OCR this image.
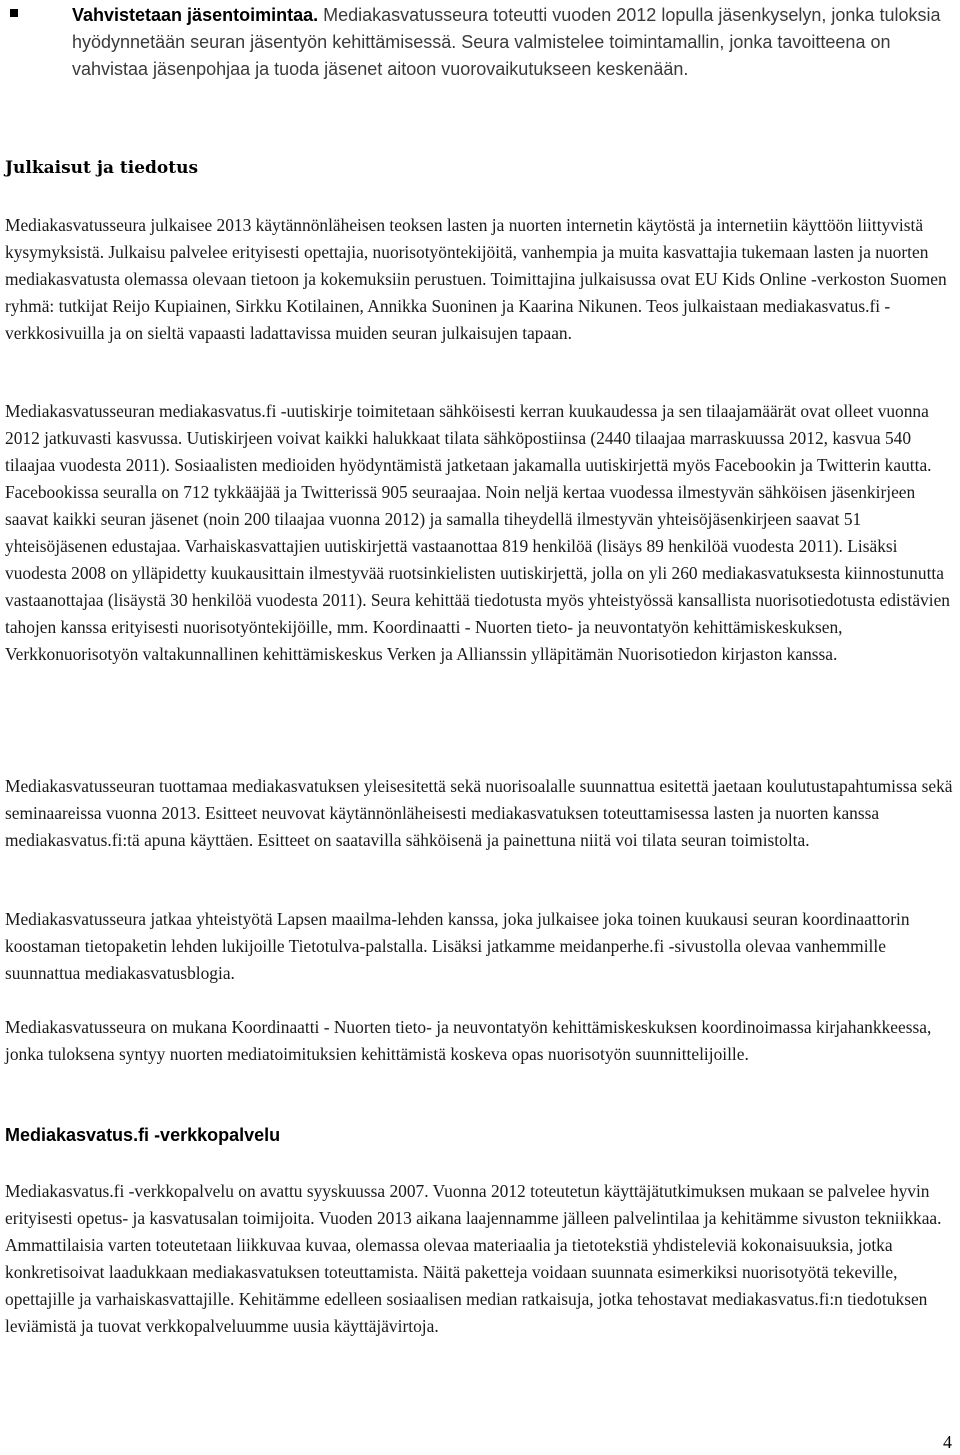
Vahvistetaan jäsentoimintaa. Mediakasvatusseura toteutti vuoden 2012 lopulla jäsenkyselyn, jonka tuloksia hyödynnetään seuran jäsentyön kehittämisessä. Seura valmistelee toimintamallin, jonka tavoitteena on vahvistaa jäsenpohjaa ja tuoda jäsenet aitoon vuorovaikutukseen keskenään.
Julkaisut ja tiedotus

Mediakasvatusseura julkaisee 2013 käytännönläheisen teoksen lasten ja nuorten internetin käytöstä ja internetiin käyttöön liittyvistä kysymyksistä. Julkaisu palvelee erityisesti opettajia, nuorisotyöntekijöitä, vanhempia ja muita kasvattajia tukemaan lasten ja nuorten mediakasvatusta olemassa olevaan tietoon ja kokemuksiin perustuen. Toimittajina julkaisussa ovat EU Kids Online -verkoston Suomen ryhmä: tutkijat Reijo Kupiainen, Sirkku Kotilainen, Annikka Suoninen ja Kaarina Nikunen. Teos julkaistaan mediakasvatus.fi -verkkosivuilla ja on sieltä vapaasti ladattavissa muiden seuran julkaisujen tapaan.

Mediakasvatusseuran mediakasvatus.fi -uutiskirje toimitetaan sähköisesti kerran kuukaudessa ja sen tilaajamäärät ovat olleet vuonna 2012 jatkuvasti kasvussa. Uutiskirjeen voivat kaikki halukkaat tilata sähköpostiinsa (2440 tilaajaa marraskuussa 2012, kasvua 540 tilaajaa vuodesta 2011). Sosiaalisten medioiden hyödyntämistä jatketaan jakamalla uutiskirjettä myös Facebookin ja Twitterin kautta. Facebookissa seuralla on 712 tykkääjää ja Twitterissä 905 seuraajaa. Noin neljä kertaa vuodessa ilmestyvän sähköisen jäsenkirjeen saavat kaikki seuran jäsenet (noin 200 tilaajaa vuonna 2012) ja samalla tiheydellä ilmestyvän yhteisöjäsenkirjeen saavat 51 yhteisöjäsenen edustajaa. Varhaiskasvattajien uutiskirjettä vastaanottaa 819 henkilöä (lisäys 89 henkilöä vuodesta 2011). Lisäksi vuodesta 2008 on ylläpidetty kuukausittain ilmestyvää ruotsinkielisten uutiskirjettä, jolla on yli 260 mediakasvatuksesta kiinnostunutta vastaanottajaa (lisäystä 30 henkilöä vuodesta 2011). Seura kehittää tiedotusta myös yhteistyössä kansallista nuorisotiedotusta edistävien tahojen kanssa erityisesti nuorisotyöntekijöille, mm. Koordinaatti - Nuorten tieto- ja neuvontatyön kehittämiskeskuksen, Verkkonuorisotyön valtakunnallinen kehittämiskeskus Verken ja Allianssin ylläpitämän Nuorisotiedon kirjaston kanssa.

Mediakasvatusseuran tuottamaa mediakasvatuksen yleisesitettä sekä nuorisoalalle suunnattua esitettä jaetaan koulutustapahtumissa sekä seminaareissa vuonna 2013. Esitteet neuvovat käytännönläheisesti mediakasvatuksen toteuttamisessa lasten ja nuorten kanssa mediakasvatus.fi:tä apuna käyttäen. Esitteet on saatavilla sähköisenä ja painettuna niitä voi tilata seuran toimistolta.

Mediakasvatusseura jatkaa yhteistyötä Lapsen maailma-lehden kanssa, joka julkaisee joka toinen kuukausi seuran koordinaattorin koostaman tietopaketin lehden lukijoille Tietotulva-palstalla. Lisäksi jatkamme meidanperhe.fi -sivustolla olevaa vanhemmille suunnattua mediakasvatusblogia.

Mediakasvatusseura on mukana Koordinaatti - Nuorten tieto- ja neuvontatyön kehittämiskeskuksen koordinoimassa kirjahankkeessa, jonka tuloksena syntyy nuorten mediatoimituksien kehittämistä koskeva opas nuorisotyön suunnittelijoille.

Mediakasvatus.fi -verkkopalvelu

Mediakasvatus.fi -verkkopalvelu on avattu syyskuussa 2007. Vuonna 2012 toteutetun käyttäjätutkimuksen mukaan se palvelee hyvin erityisesti opetus- ja kasvatusalan toimijoita. Vuoden 2013 aikana laajennamme jälleen palvelintilaa ja kehitämme sivuston tekniikkaa. Ammattilaisia varten toteutetaan liikkuvaa kuvaa, olemassa olevaa materiaalia ja tietotekstiä yhdisteleviä kokonaisuuksia, jotka konkretisoivat laadukkaan mediakasvatuksen toteuttamista. Näitä paketteja voidaan suunnata esimerkiksi nuorisotyötä tekeville, opettajille ja varhaiskasvattajille. Kehitämme edelleen sosiaalisen median ratkaisuja, jotka tehostavat mediakasvatus.fi:n tiedotuksen leviämistä ja tuovat verkkopalveluumme uusia käyttäjävirtoja.

4
